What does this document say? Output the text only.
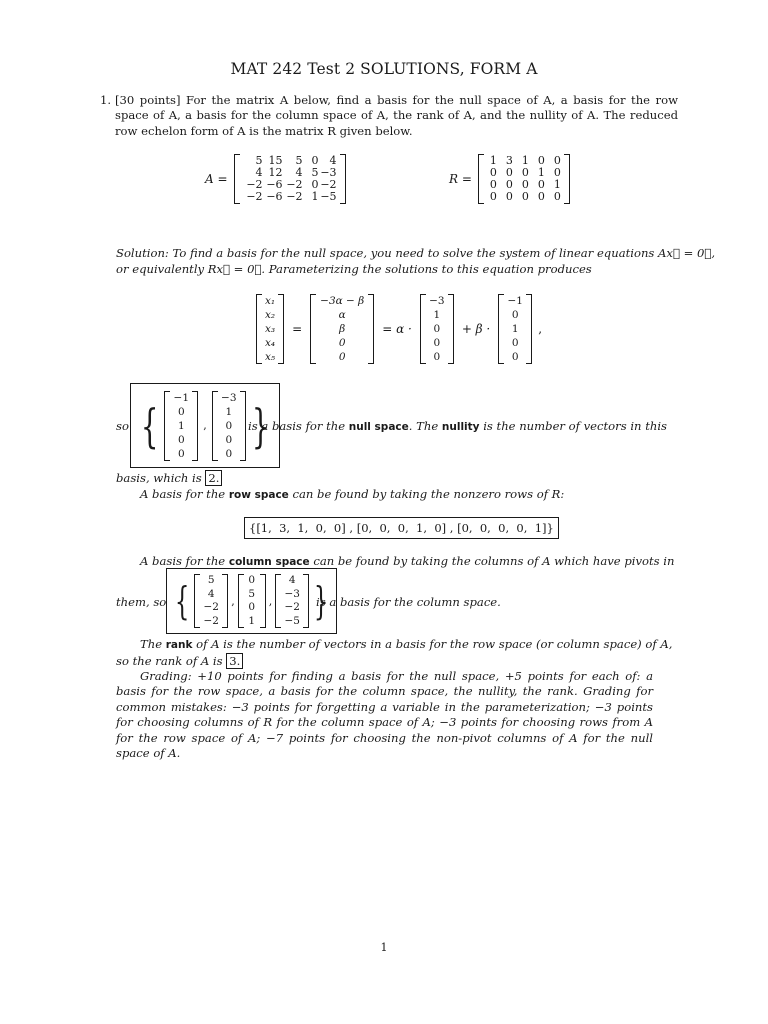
MAT 242 Test 2 SOLUTIONS, FORM A
1. [30 points] For the matrix A below, find a basis for the null space of A, a basis for the row space of A, a basis for the column space of A, the rank of A, and the nullity of A. The reduced row echelon form of A is the matrix R given below.
A =
5 15	5 0	4
4 12	4 5 −3
−2 −6 −2 0 −2
−2 −6 −2 1 −5
R =
1 3 1 0 0
0 0 0 1 0
0 0 0 0 1
0 0 0 0 0
Solution: To find a basis for the null space, you need to solve the system of linear equations Ax⃗ = 0⃗,
or equivalently Rx⃗ = 0⃗. Parameterizing the solutions to this equation produces
x₁
x₂
x₃
x₄
x₅
=
−3α − β
α
β
0
0
= α ·
−3
1
0
0
0
+ β ·
−1
0
1
0
0
,
so {
−1
0
1
0
0
,
−3
1
0
0
0
}
is a basis for the null space. The nullity is the number of vectors in this
basis, which is 2.
A basis for the row space can be found by taking the nonzero rows of R:
{[1,  3,  1,  0,  0] , [0,  0,  0,  1,  0] , [0,  0,  0,  0,  1]}
A basis for the column space can be found by taking the columns of A which have pivots in
them, so {	5
4
−2
−2
,
0
5
0
1
,
4
−3
−2
−5 }
is a basis for the column space.
The rank of A is the number of vectors in a basis for the row space (or column space) of A,
so the rank of A is 3.
Grading: +10 points for finding a basis for the null space, +5 points for each of: a basis for the row space, a basis for the column space, the nullity, the rank. Grading for common mistakes: −3 points for forgetting a variable in the parameterization; −3 points for choosing columns of R for the column space of A; −3 points for choosing rows from A for the row space of A; −7 points for choosing the non-pivot columns of A for the null space of A.
1
